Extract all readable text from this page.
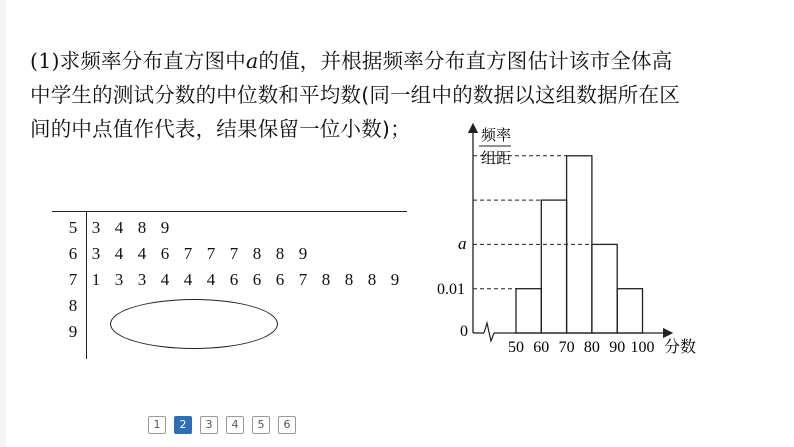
(1)求频率分布直方图中a的值，并根据频率分布直方图估计该市全体高
中学生的测试分数的中位数和平均数(同一组中的数据以这组数据所在区
间的中点值作代表，结果保留一位小数)；
5 3 4 8 9
6 3 4 4 6 7 7 7 8 8 9
7 1 3 3 4 4 4 6 6 6 7 8 8 8 9
8
9
频率
组距
a
0.01
0
50 60 70 80 90 100 分数
1	2	3	4	5	6
